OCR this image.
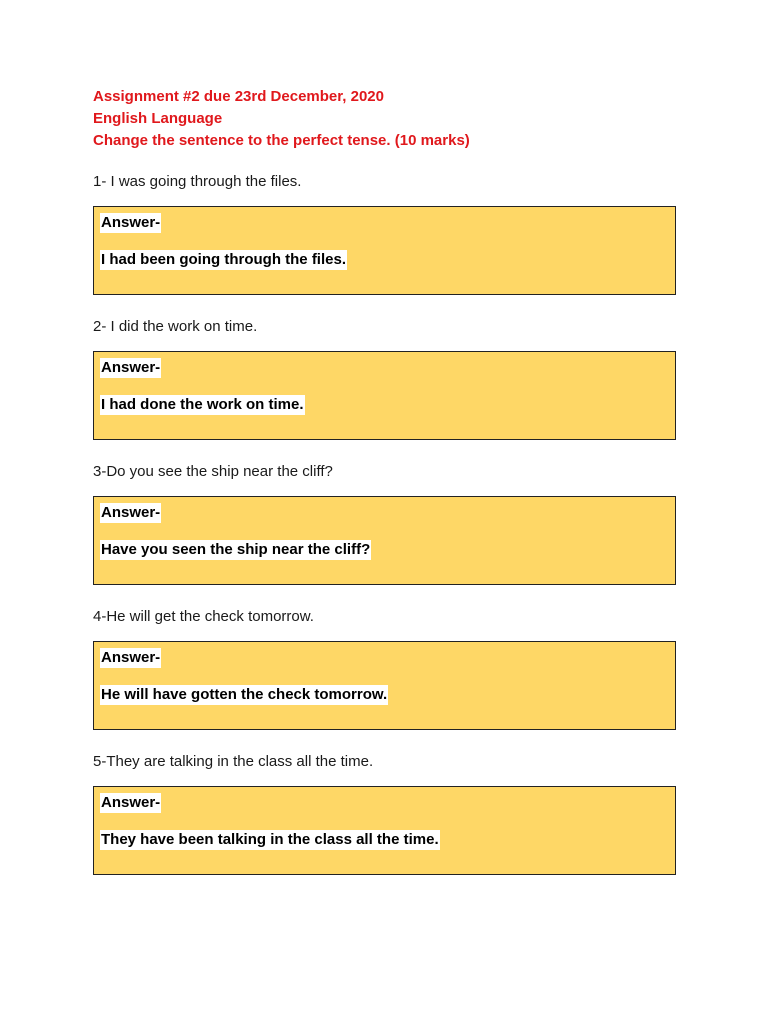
Assignment #2 due 23rd December, 2020

English Language

Change the sentence to the perfect tense. (10 marks)

1- I was going through the files.

Answer-
I had been going through the files.

2- I did the work on time.

Answer-
I had done the work on time.

3-Do you see the ship near the cliff?

Answer-
Have you seen the ship near the cliff?

4-He will get the check tomorrow.

Answer-
He will have gotten the check tomorrow.

5-They are talking in the class all the time.

Answer-
They have been talking in the class all the time.
